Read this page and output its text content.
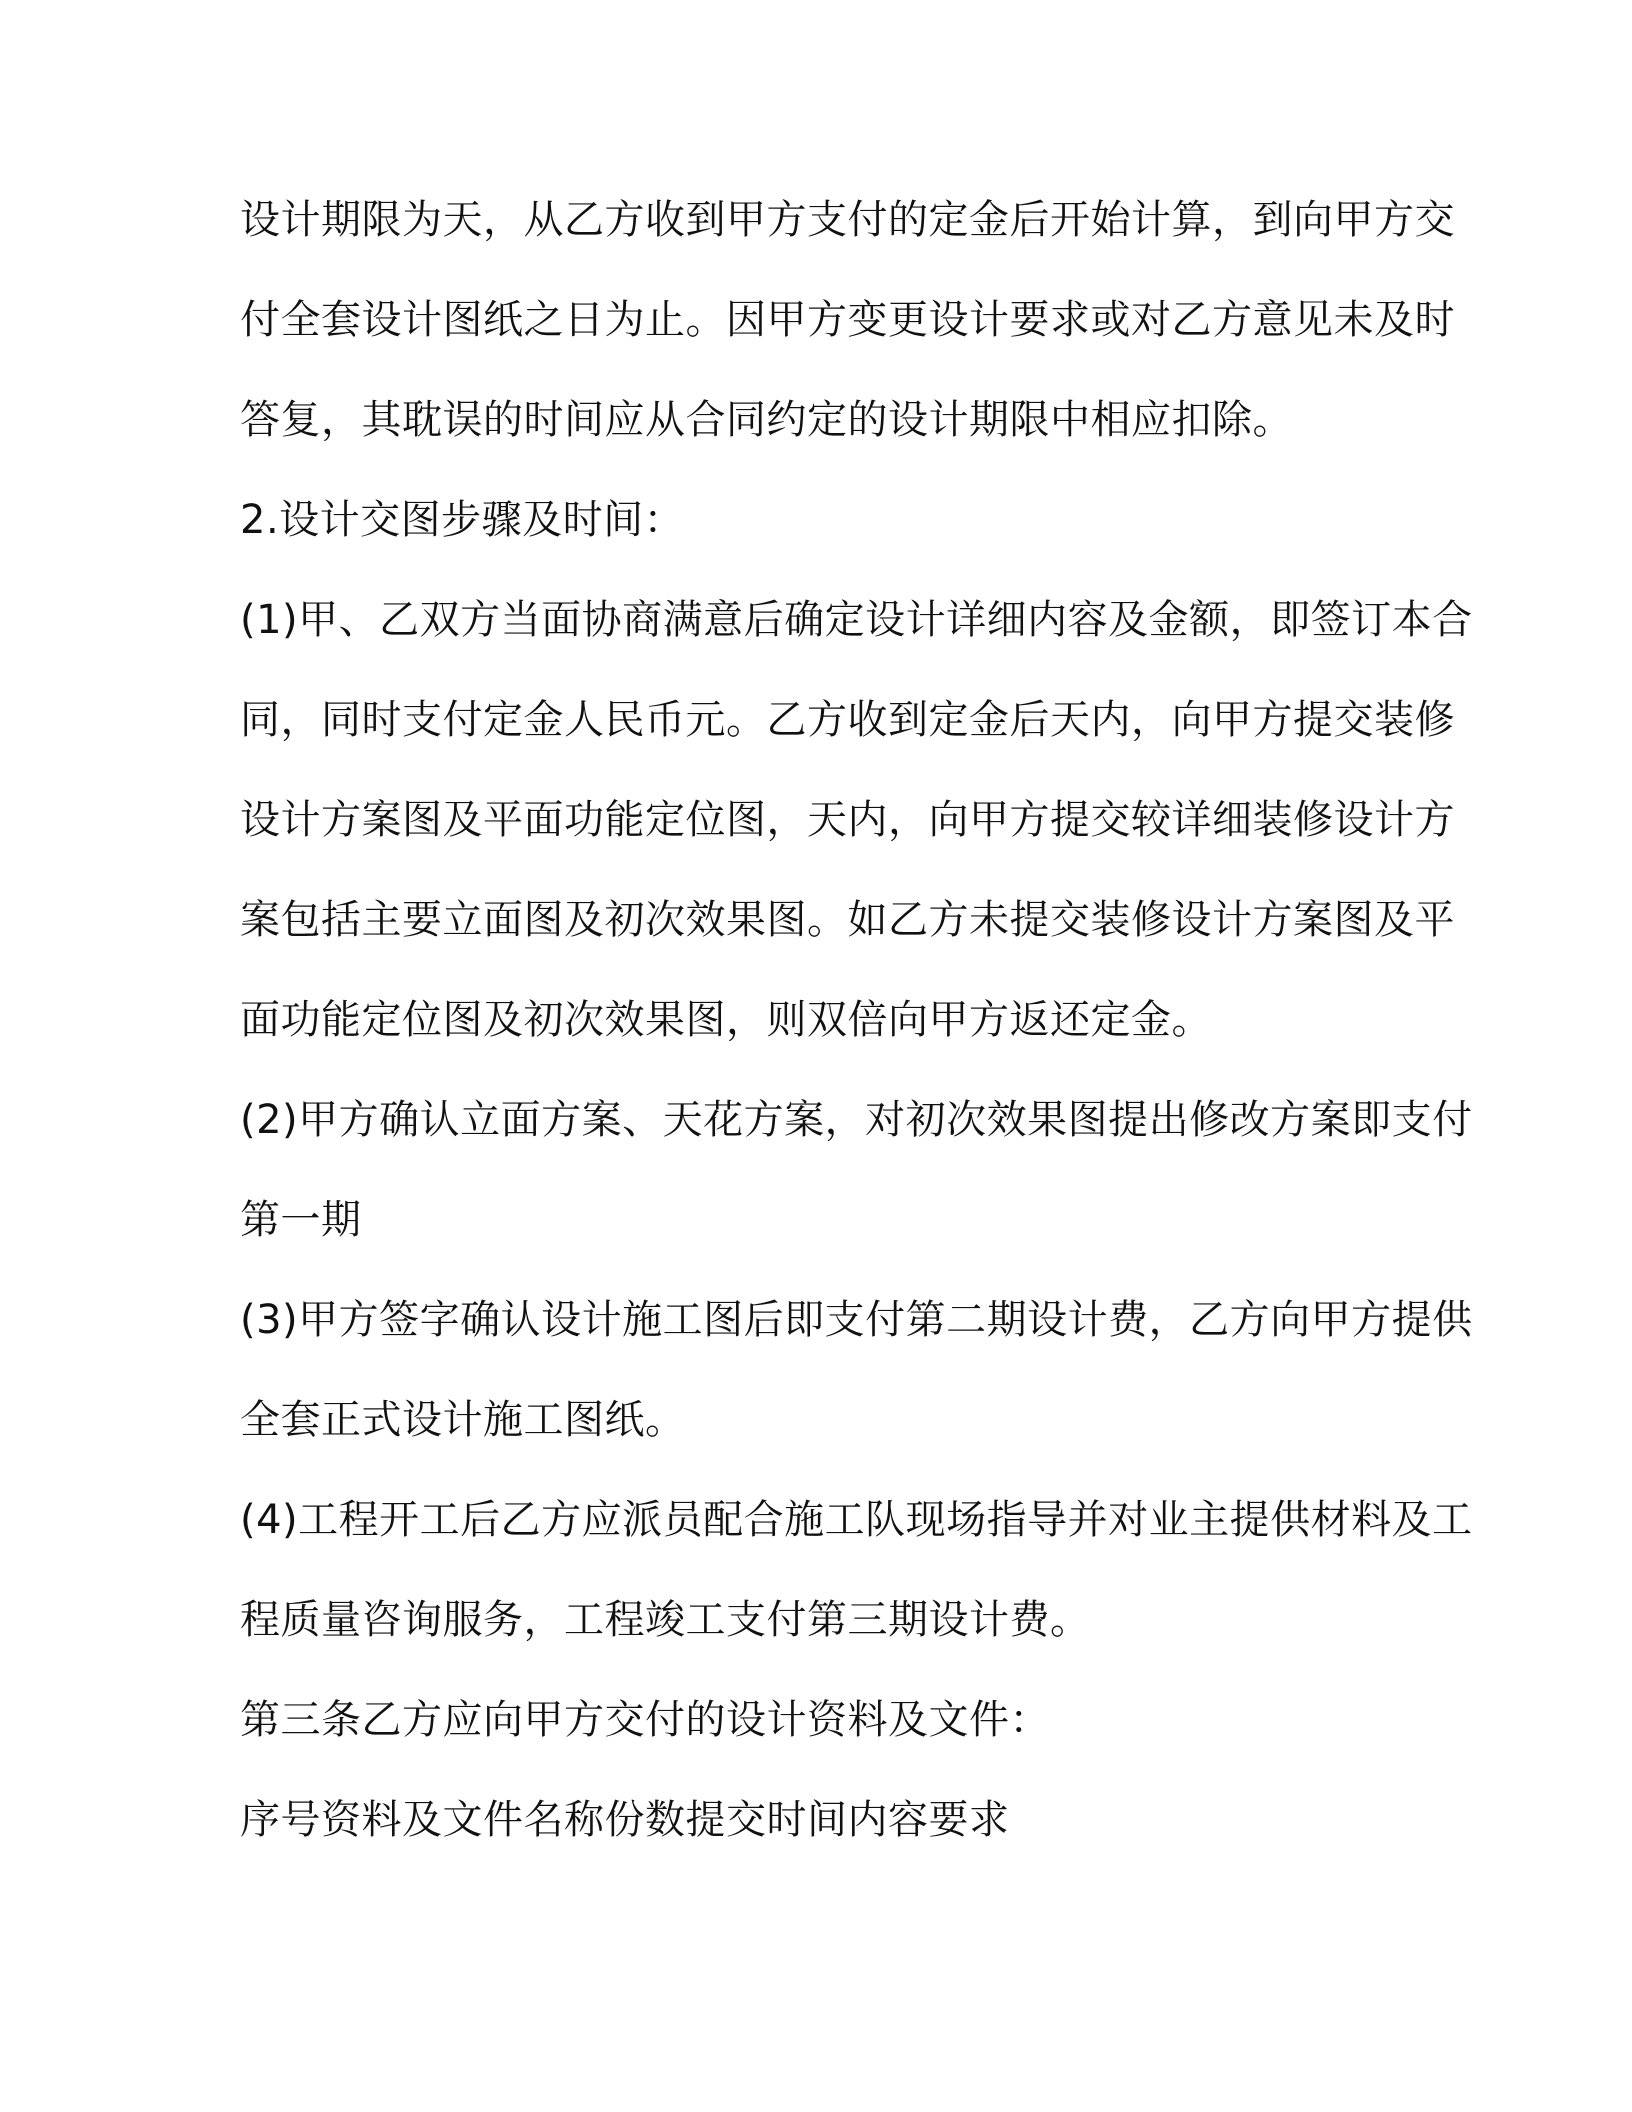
设计期限为天，从乙方收到甲方支付的定金后开始计算，到向甲方交

付全套设计图纸之日为止。因甲方变更设计要求或对乙方意见未及时

答复，其耽误的时间应从合同约定的设计期限中相应扣除。

2.设计交图步骤及时间：

(1)甲、乙双方当面协商满意后确定设计详细内容及金额，即签订本合

同，同时支付定金人民币元。乙方收到定金后天内，向甲方提交装修

设计方案图及平面功能定位图，天内，向甲方提交较详细装修设计方

案包括主要立面图及初次效果图。如乙方未提交装修设计方案图及平

面功能定位图及初次效果图，则双倍向甲方返还定金。

(2)甲方确认立面方案、天花方案，对初次效果图提出修改方案即支付

第一期

(3)甲方签字确认设计施工图后即支付第二期设计费，乙方向甲方提供

全套正式设计施工图纸。

(4)工程开工后乙方应派员配合施工队现场指导并对业主提供材料及工

程质量咨询服务，工程竣工支付第三期设计费。

第三条乙方应向甲方交付的设计资料及文件：

序号资料及文件名称份数提交时间内容要求
